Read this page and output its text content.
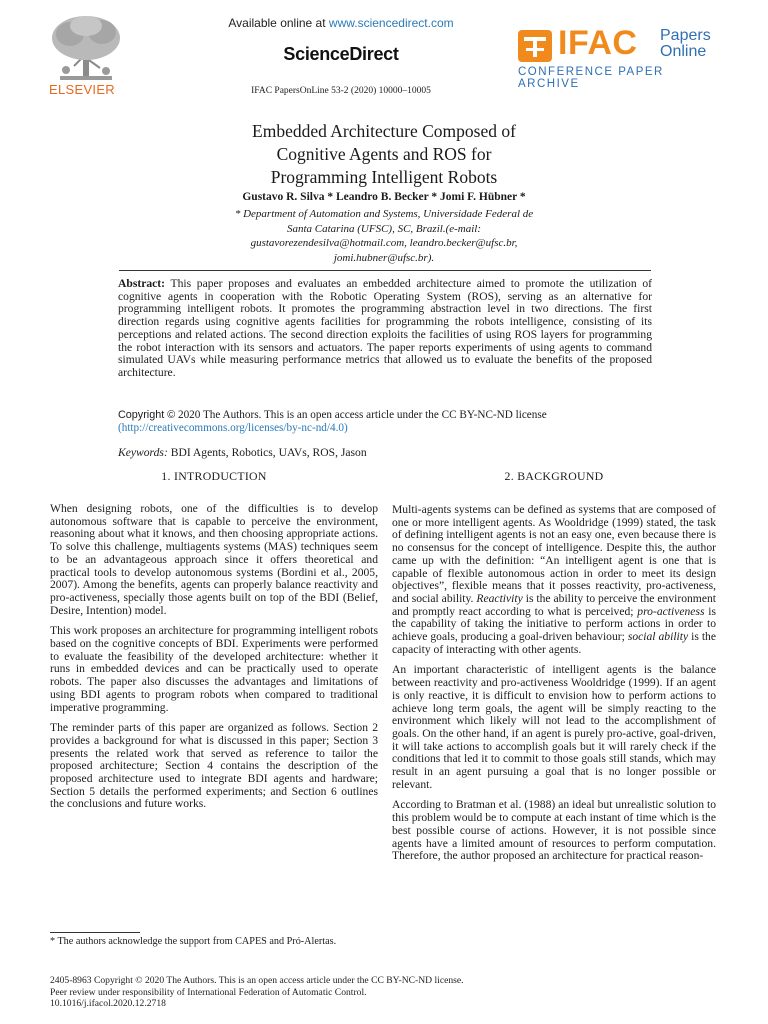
ELSEVIER
Available online at www.sciencedirect.com
ScienceDirect
IFAC PapersOnLine 53-2 (2020) 10000–10005
IFAC Papers
Online
CONFERENCE PAPER ARCHIVE
Embedded Architecture Composed of
Cognitive Agents and ROS for
Programming Intelligent Robots
Gustavo R. Silva * Leandro B. Becker * Jomi F. Hübner *
* Department of Automation and Systems, Universidade Federal de
Santa Catarina (UFSC), SC, Brazil.(e-mail:
gustavorezendesilva@hotmail.com, leandro.becker@ufsc.br,
jomi.hubner@ufsc.br).
Abstract: This paper proposes and evaluates an embedded architecture aimed to promote the utilization of cognitive agents in cooperation with the Robotic Operating System (ROS), serving as an alternative for programming intelligent robots. It promotes the programming abstraction level in two directions. The first direction regards using cognitive agents facilities for programming the robots intelligence, consisting of its perceptions and related actions. The second direction exploits the facilities of using ROS layers for programming the robot interaction with its sensors and actuators. The paper reports experiments of using agents to command simulated UAVs while measuring performance metrics that allowed us to evaluate the benefits of the proposed architecture.
Copyright © 2020 The Authors. This is an open access article under the CC BY-NC-ND license
(http://creativecommons.org/licenses/by-nc-nd/4.0)
Keywords: BDI Agents, Robotics, UAVs, ROS, Jason
1. INTRODUCTION	2. BACKGROUND

When designing robots, one of the difficulties is to develop autonomous software that is capable to perceive the environment, reasoning about what it knows, and then choosing appropriate actions. To solve this challenge, multiagents systems (MAS) techniques seem to be an advantageous approach since it offers theoretical and practical tools to develop autonomous systems (Bordini et al., 2005, 2007). Among the benefits, agents can properly balance reactivity and pro-activeness, specially those agents built on top of the BDI (Belief, Desire, Intention) model.

This work proposes an architecture for programming intelligent robots based on the cognitive concepts of BDI. Experiments were performed to evaluate the feasibility of the developed architecture: whether it runs in embedded devices and can be practically used to operate robots. The paper also discusses the advantages and limitations of using BDI agents to program robots when compared to traditional imperative programming.

The reminder parts of this paper are organized as follows. Section 2 provides a background for what is discussed in this paper; Section 3 presents the related work that served as reference to tailor the proposed architecture; Section 4 contains the description of the proposed architecture used to integrate BDI agents and hardware; Section 5 details the performed experiments; and Section 6 outlines the conclusions and future works.

Multi-agents systems can be defined as systems that are composed of one or more intelligent agents. As Wooldridge (1999) stated, the task of defining intelligent agents is not an easy one, even because there is no consensus for the concept of intelligence. Despite this, the author came up with the definition: “An intelligent agent is one that is capable of flexible autonomous action in order to meet its design objectives”, flexible means that it posses reactivity, pro-activeness, and social ability. Reactivity is the ability to perceive the environment and promptly react according to what is perceived; pro-activeness is the capability of taking the initiative to perform actions in order to achieve goals, producing a goal-driven behaviour; social ability is the capacity of interacting with other agents.

An important characteristic of intelligent agents is the balance between reactivity and pro-activeness Wooldridge (1999). If an agent is only reactive, it is difficult to envision how to perform actions to achieve long term goals, the agent will be simply reacting to the environment which likely will not lead to the accomplishment of goals. On the other hand, if an agent is purely pro-active, goal-driven, it will take actions to accomplish goals but it will rarely check if the conditions that led it to commit to those goals still stands, which may result in an agent pursuing a goal that is no longer possible or relevant.

According to Bratman et al. (1988) an ideal but unrealistic solution to this problem would be to compute at each instant of time which is the best possible course of actions. However, it is not possible since agents have a limited amount of resources to perform computation. Therefore, the author proposed an architecture for practical reason-

* The authors acknowledge the support from CAPES and Pró-Alertas.
2405-8963 Copyright © 2020 The Authors. This is an open access article under the CC BY-NC-ND license.
Peer review under responsibility of International Federation of Automatic Control.
10.1016/j.ifacol.2020.12.2718
